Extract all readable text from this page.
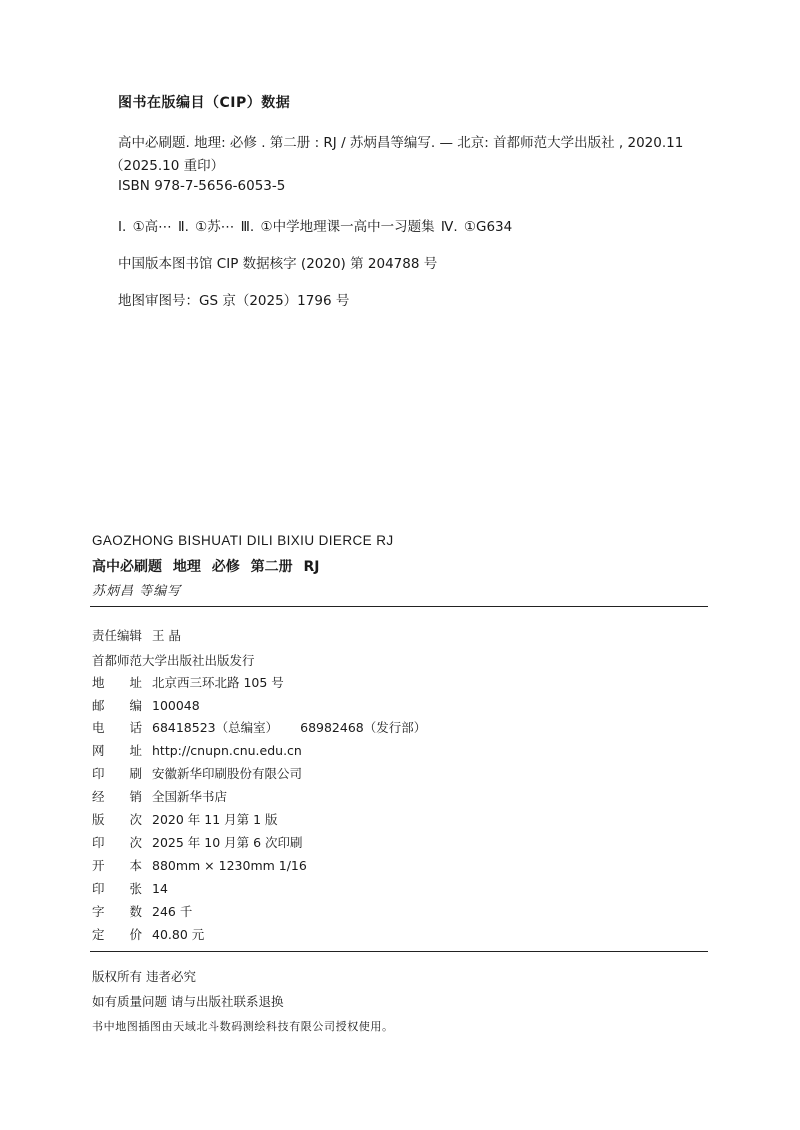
图书在版编目（CIP）数据
高中必刷题. 地理: 必修 . 第二册 : RJ / 苏炳昌等编写. — 北京: 首都师范大学出版社 , 2020.11
（2025.10 重印）
ISBN 978-7-5656-6053-5
Ⅰ. ①高⋯ Ⅱ. ①苏⋯ Ⅲ. ①中学地理课一高中一习题集 Ⅳ. ①G634
中国版本图书馆 CIP 数据核字 (2020) 第 204788 号
地图审图号：GS 京（2025）1796 号
GAOZHONG BISHUATI DILI BIXIU DIERCE RJ
高中必刷题 地理 必修 第二册 RJ
苏炳昌 等编写
责任编辑 王 晶
首都师范大学出版社出版发行
地　　址 北京西三环北路 105 号
邮　　编 100048
电　　话 68418523（总编室） 68982468（发行部）
网　　址 http://cnupn.cnu.edu.cn
印　　刷 安徽新华印刷股份有限公司
经　　销 全国新华书店
版　　次 2020 年 11 月第 1 版
印　　次 2025 年 10 月第 6 次印刷
开　　本 880mm × 1230mm 1/16
印　　张 14
字　　数 246 千
定　　价 40.80 元
版权所有 违者必究
如有质量问题 请与出版社联系退换
书中地图插图由天域北斗数码测绘科技有限公司授权使用。
